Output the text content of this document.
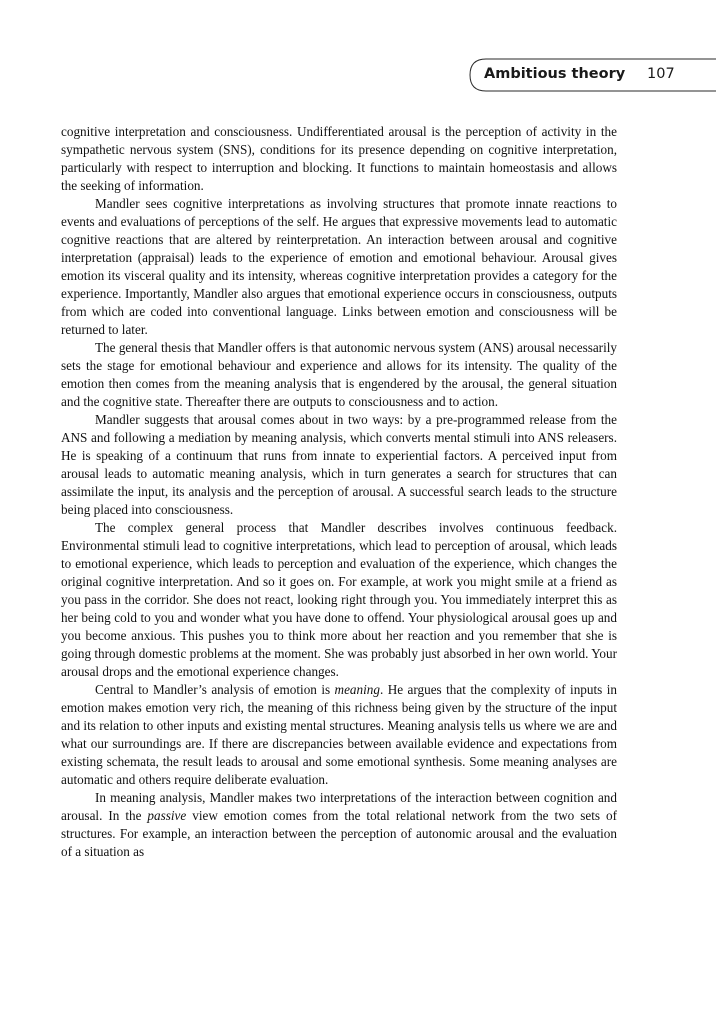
Ambitious theory 107

cognitive interpretation and consciousness. Undifferentiated arousal is the perception of activity in the sympathetic nervous system (SNS), conditions for its presence depending on cognitive interpretation, particularly with respect to interruption and blocking. It functions to maintain homeostasis and allows the seeking of information.

Mandler sees cognitive interpretations as involving structures that promote innate reactions to events and evaluations of perceptions of the self. He argues that expressive movements lead to automatic cognitive reactions that are altered by reinterpretation. An interaction between arousal and cognitive interpretation (appraisal) leads to the experience of emotion and emotional behaviour. Arousal gives emotion its visceral quality and its intensity, whereas cognitive interpretation provides a category for the experience. Importantly, Mandler also argues that emotional experience occurs in consciousness, outputs from which are coded into conventional language. Links between emotion and consciousness will be returned to later.

The general thesis that Mandler offers is that autonomic nervous system (ANS) arousal necessarily sets the stage for emotional behaviour and experience and allows for its intensity. The quality of the emotion then comes from the meaning analysis that is engendered by the arousal, the general situation and the cognitive state. Thereafter there are outputs to consciousness and to action.

Mandler suggests that arousal comes about in two ways: by a pre-programmed release from the ANS and following a mediation by meaning analysis, which converts mental stimuli into ANS releasers. He is speaking of a continuum that runs from innate to experiential factors. A perceived input from arousal leads to automatic meaning analysis, which in turn generates a search for structures that can assimilate the input, its analysis and the perception of arousal. A successful search leads to the structure being placed into consciousness.

The complex general process that Mandler describes involves continuous feedback. Environmental stimuli lead to cognitive interpretations, which lead to perception of arousal, which leads to emotional experience, which leads to perception and evaluation of the experience, which changes the original cognitive interpretation. And so it goes on. For example, at work you might smile at a friend as you pass in the corridor. She does not react, looking right through you. You immediately interpret this as her being cold to you and wonder what you have done to offend. Your physiological arousal goes up and you become anxious. This pushes you to think more about her reaction and you remember that she is going through domestic problems at the moment. She was probably just absorbed in her own world. Your arousal drops and the emotional experience changes.

Central to Mandler’s analysis of emotion is meaning. He argues that the complexity of inputs in emotion makes emotion very rich, the meaning of this richness being given by the structure of the input and its relation to other inputs and existing mental structures. Meaning analysis tells us where we are and what our surroundings are. If there are discrepancies between available evidence and expectations from existing schemata, the result leads to arousal and some emotional synthesis. Some meaning analyses are automatic and others require deliberate evaluation.

In meaning analysis, Mandler makes two interpretations of the interaction between cognition and arousal. In the passive view emotion comes from the total relational network from the two sets of structures. For example, an interaction between the perception of autonomic arousal and the evaluation of a situation as
